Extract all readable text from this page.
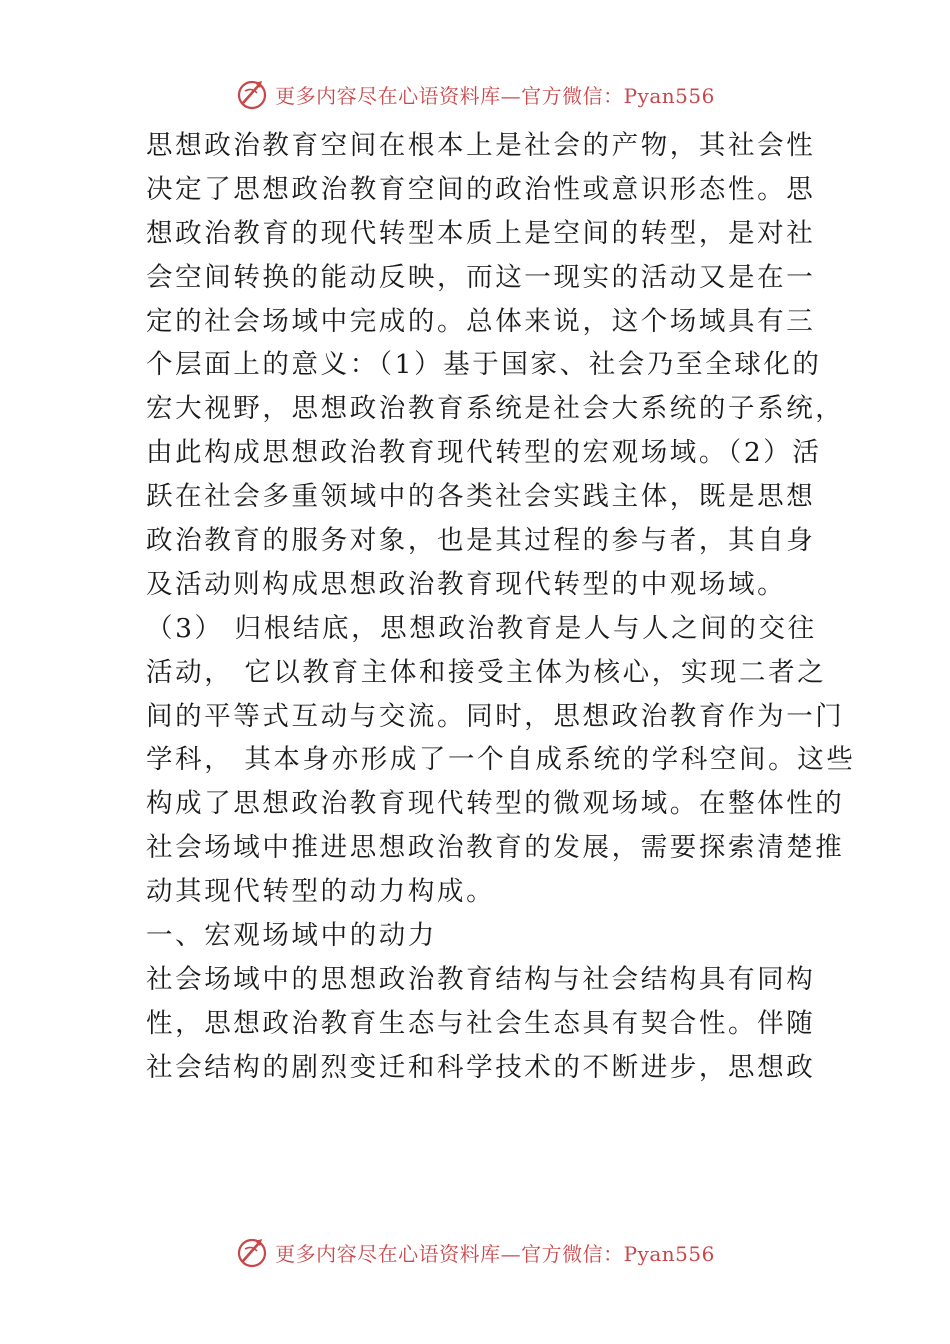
更多内容尽在心语资料库—官方微信：Pyan556
思想政治教育空间在根本上是社会的产物，其社会性
决定了思想政治教育空间的政治性或意识形态性。思
想政治教育的现代转型本质上是空间的转型，是对社
会空间转换的能动反映，而这一现实的活动又是在一
定的社会场域中完成的。总体来说，这个场域具有三
个层面上的意义：（1）基于国家、社会乃至全球化的
宏大视野，思想政治教育系统是社会大系统的子系统，
由此构成思想政治教育现代转型的宏观场域。（2）活
跃在社会多重领域中的各类社会实践主体，既是思想
政治教育的服务对象，也是其过程的参与者，其自身
及活动则构成思想政治教育现代转型的中观场域。
（3） 归根结底，思想政治教育是人与人之间的交往
活动， 它以教育主体和接受主体为核心，实现二者之
间的平等式互动与交流。同时，思想政治教育作为一门
学科， 其本身亦形成了一个自成系统的学科空间。这些
构成了思想政治教育现代转型的微观场域。在整体性的
社会场域中推进思想政治教育的发展，需要探索清楚推
动其现代转型的动力构成。
一、宏观场域中的动力
社会场域中的思想政治教育结构与社会结构具有同构
性，思想政治教育生态与社会生态具有契合性。伴随
社会结构的剧烈变迁和科学技术的不断进步，思想政
更多内容尽在心语资料库—官方微信：Pyan556
